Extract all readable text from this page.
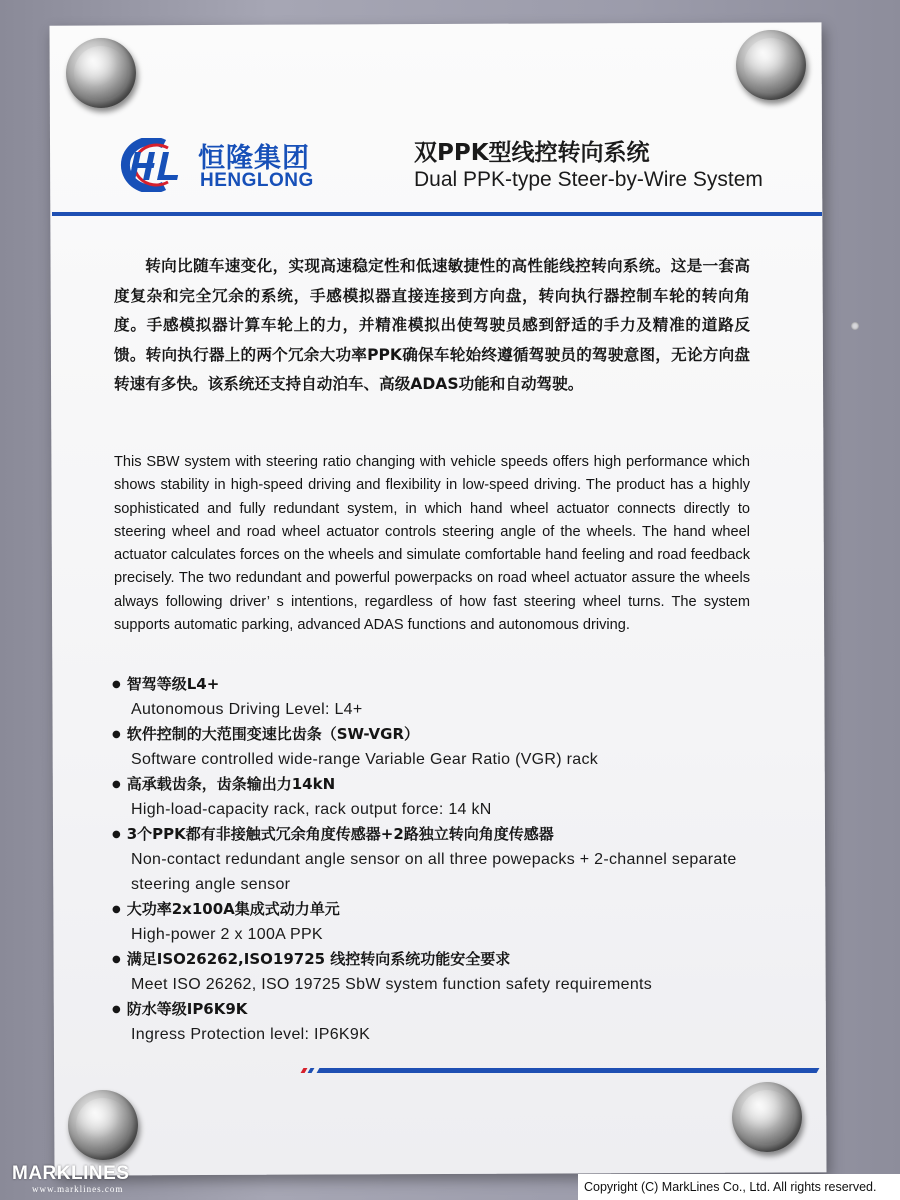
恒隆集团
HENGLONG
双PPK型线控转向系统
Dual PPK-type Steer-by-Wire System
转向比随车速变化，实现高速稳定性和低速敏捷性的高性能线控转向系统。这是一套高度复杂和完全冗余的系统，手感模拟器直接连接到方向盘，转向执行器控制车轮的转向角度。手感模拟器计算车轮上的力，并精准模拟出使驾驶员感到舒适的手力及精准的道路反馈。转向执行器上的两个冗余大功率PPK确保车轮始终遵循驾驶员的驾驶意图，无论方向盘转速有多快。该系统还支持自动泊车、高级ADAS功能和自动驾驶。
This SBW system with steering ratio changing with vehicle speeds offers high performance which shows stability in high-speed driving and flexibility in low-speed driving. The product has a highly sophisticated and fully redundant system, in which hand wheel actuator connects directly to steering wheel and road wheel actuator controls steering angle of the wheels. The hand wheel actuator calculates forces on the wheels and simulate comfortable hand feeling and road feedback precisely. The two redundant and powerful powerpacks on road wheel actuator assure the wheels always following driver’ s intentions, regardless of how fast steering wheel turns. The system supports automatic parking, advanced ADAS functions and autonomous driving.
● 智驾等级L4+
Autonomous Driving Level: L4+
● 软件控制的大范围变速比齿条（SW-VGR）
Software controlled wide-range Variable Gear Ratio (VGR) rack
● 高承载齿条，齿条输出力14kN
High-load-capacity rack, rack output force: 14 kN
● 3个PPK都有非接触式冗余角度传感器+2路独立转向角度传感器
Non-contact redundant angle sensor on all three powepacks + 2-channel separate steering angle sensor
● 大功率2x100A集成式动力单元
High-power 2 x 100A PPK
● 满足ISO26262,ISO19725 线控转向系统功能安全要求
Meet ISO 26262, ISO 19725 SbW system function safety requirements
● 防水等级IP6K9K
Ingress Protection level: IP6K9K
MARKLINES
www.marklines.com	Copyright (C) MarkLines Co., Ltd. All rights reserved.
